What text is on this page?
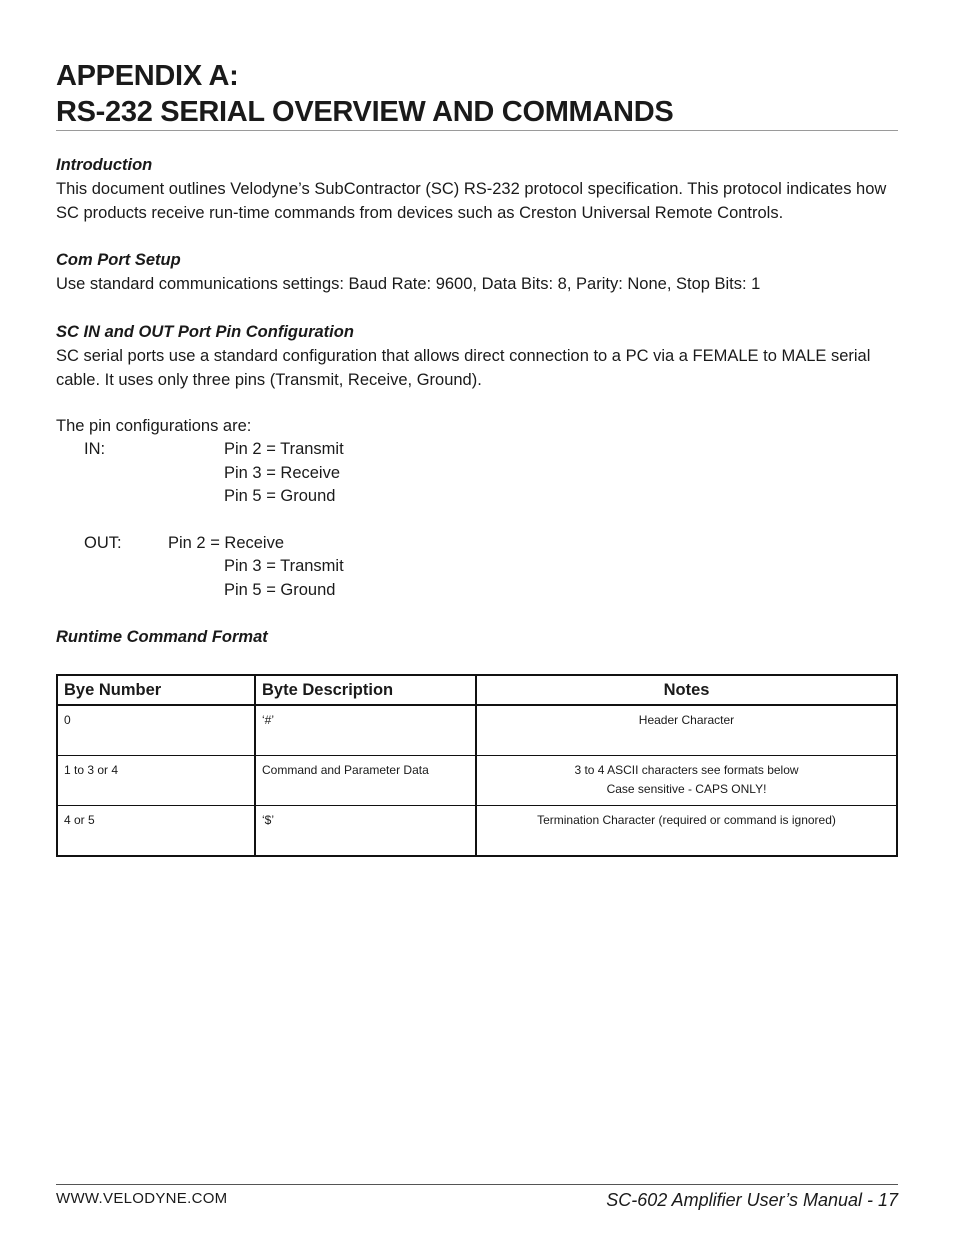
APPENDIX A:
RS-232 SERIAL OVERVIEW AND COMMANDS
Introduction
This document outlines Velodyne’s SubContractor (SC) RS-232 protocol specification. This protocol indicates how SC products receive run-time commands from devices such as Creston Universal Remote Controls.
Com Port Setup
Use standard communications settings: Baud Rate: 9600, Data Bits: 8, Parity: None, Stop Bits: 1
SC IN and OUT Port Pin Configuration
SC serial ports use a standard configuration that allows direct connection to a PC via a FEMALE to MALE serial cable. It uses only three pins (Transmit, Receive, Ground).
The pin configurations are:
IN:	Pin 2 = Transmit
Pin 3 = Receive
Pin 5 = Ground
OUT:	Pin 2 = Receive
Pin 3 = Transmit
Pin 5 = Ground
Runtime Command Format
Bye Number	Byte Description	Notes
0	‘#’	Header Character

1 to 3 or 4	Command and Parameter Data	3 to 4 ASCII characters see formats below
Case sensitive - CAPS ONLY!

4 or 5	‘$’	Termination Character (required or command is ignored)
WWW.VELODYNE.COM	SC-602 Amplifier User’s Manual - 17
